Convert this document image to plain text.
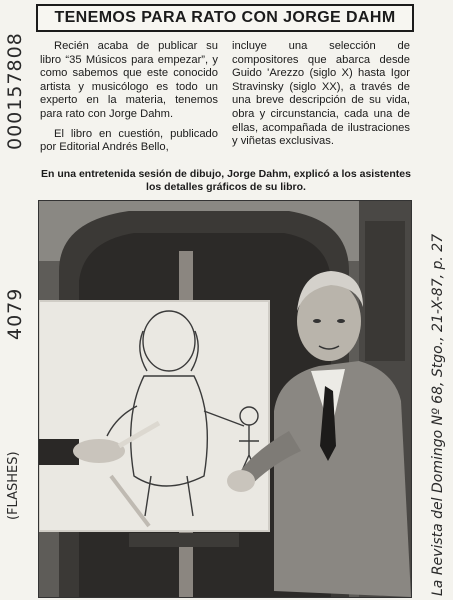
TENEMOS PARA RATO CON JORGE DAHM

Recién acaba de publicar su libro “35 Músicos para empezar”, y como sabemos que este conocido artista y musicólogo es todo un experto en la materia, tenemos para rato con Jorge Dahm.

El libro en cuestión, publicado por Editorial Andrés Bello,

incluye una selección de compositores que abarca desde Guido 'Arezzo (siglo X) hasta Igor Stravinsky (siglo XX), a través de una breve descripción de su vida, obra y circunstancia, cada una de ellas, acompañada de ilustraciones y viñetas exclusivas.

En una entretenida sesión de dibujo, Jorge Dahm, explicó a los asistentes los detalles gráficos de su libro.
000157808
4079
(FLASHES)	La Revista del Domingo Nº 68, Stgo., 21-X-87, p. 27
